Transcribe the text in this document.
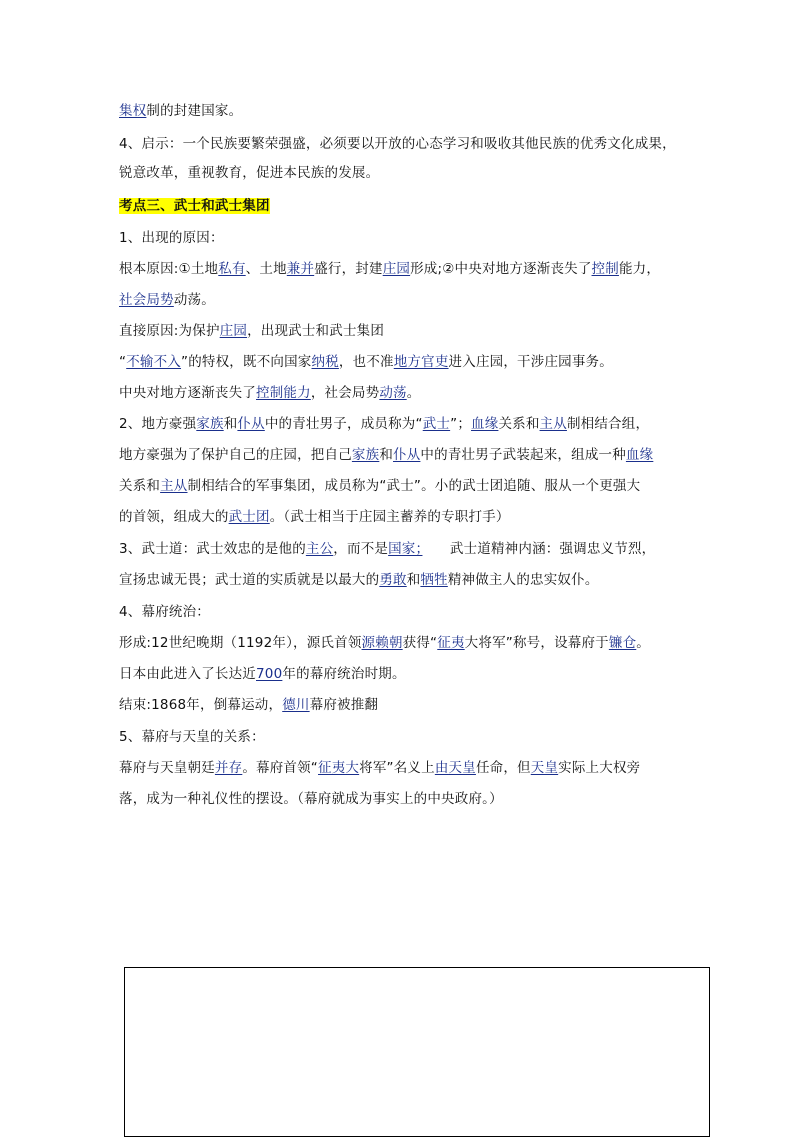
集权制的封建国家。
4、启示：一个民族要繁荣强盛，必须要以开放的心态学习和吸收其他民族的优秀文化成果，
锐意改革，重视教育，促进本民族的发展。
考点三、武士和武士集团
1、出现的原因：
根本原因:①土地私有、土地兼并盛行，封建庄园形成;②中央对地方逐渐丧失了控制能力，
社会局势动荡。
直接原因:为保护庄园，出现武士和武士集团
“不输不入”的特权，既不向国家纳税，也不准地方官吏进入庄园，干涉庄园事务。
中央对地方逐渐丧失了控制能力，社会局势动荡。
2、地方豪强家族和仆从中的青壮男子，成员称为“武士”；血缘关系和主从制相结合组，
地方豪强为了保护自己的庄园，把自己家族和仆从中的青壮男子武装起来，组成一种血缘
关系和主从制相结合的军事集团，成员称为“武士”。小的武士团追随、服从一个更强大
的首领，组成大的武士团。（武士相当于庄园主蓄养的专职打手）
3、武士道：武士效忠的是他的主公，而不是国家；　　武士道精神内涵：强调忠义节烈，
宣扬忠诚无畏；武士道的实质就是以最大的勇敢和牺牲精神做主人的忠实奴仆。
4、幕府统治：
形成:12世纪晚期（1192年），源氏首领源赖朝获得“征夷大将军”称号，设幕府于镰仓。
日本由此进入了长达近700年的幕府统治时期。
结束:1868年，倒幕运动，德川幕府被推翻
5、幕府与天皇的关系：
幕府与天皇朝廷并存。幕府首领“征夷大将军”名义上由天皇任命，但天皇实际上大权旁
落，成为一种礼仪性的摆设。（幕府就成为事实上的中央政府。）
